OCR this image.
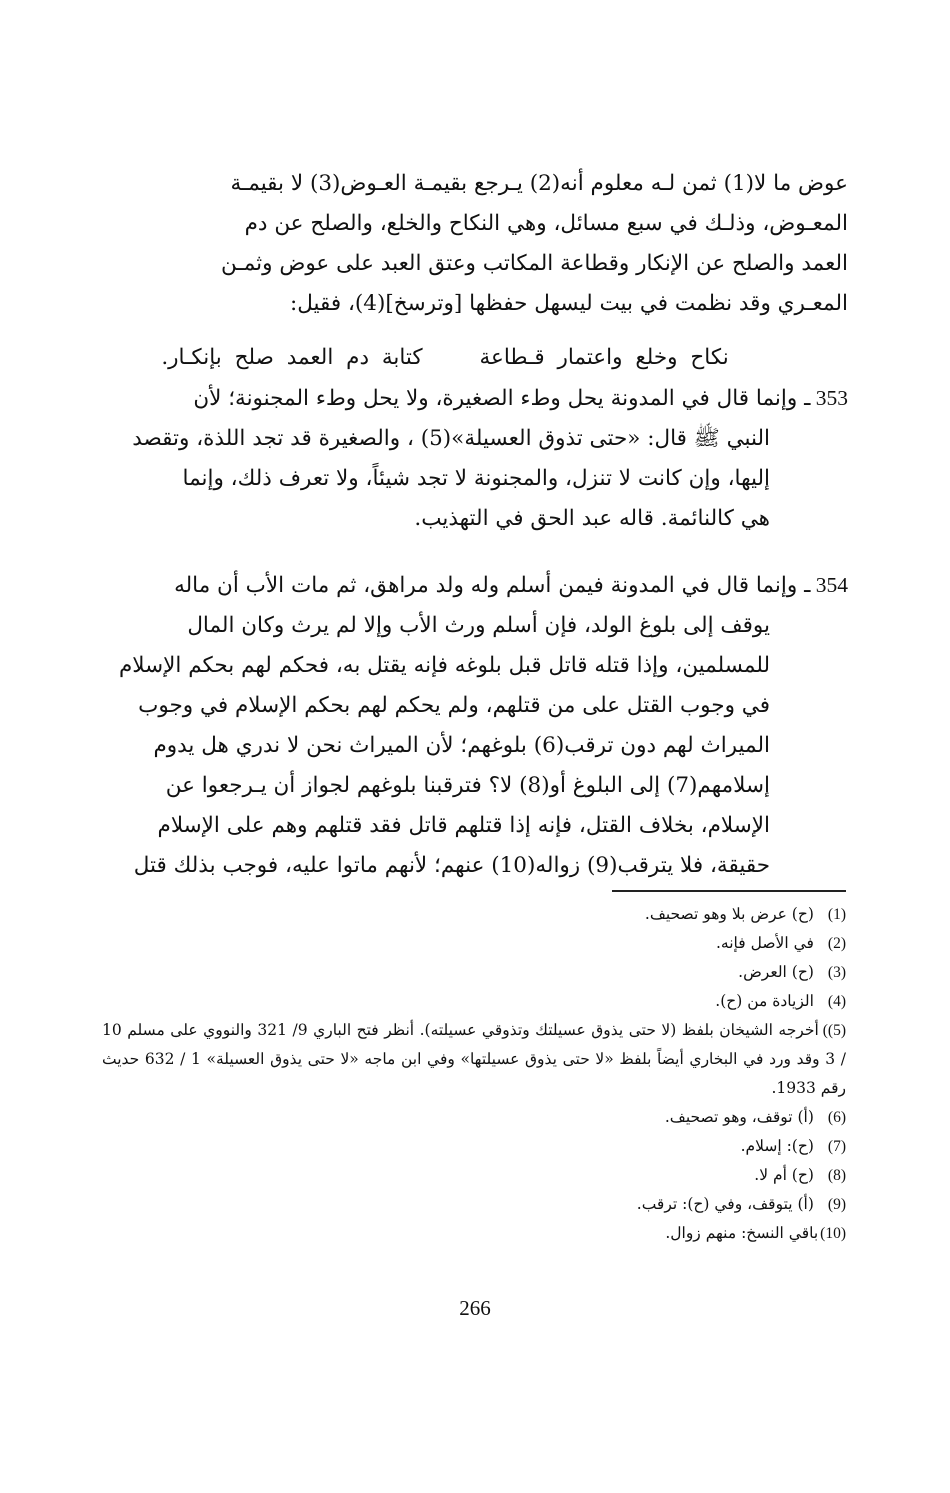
عوض ما لا(1) ثمن لـه معلوم أنه(2) يـرجع بقيمـة العـوض(3) لا بقيمـة
المعـوض، وذلـك في سبع مسائل، وهي النكاح والخلع، والصلح عن دم
العمد والصلح عن الإنكار وقطاعة المكاتب وعتق العبد على عوض وثمـن
المعـري وقد نظمت في بيت ليسهل حفظها [وترسخ](4)، فقيل:

نكاح وخلع واعتمار قـطاعة كتابة دم العمد صلح بإنكـار.
353 ـ وإنما قال في المدونة يحل وطء الصغيرة، ولا يحل وطء المجنونة؛ لأن
النبي ﷺ قال: «حتى تذوق العسيلة»(5) ، والصغيرة قد تجد اللذة، وتقصد
إليها، وإن كانت لا تنزل، والمجنونة لا تجد شيئاً، ولا تعرف ذلك، وإنما
هي كالنائمة. قاله عبد الحق في التهذيب.
354 ـ وإنما قال في المدونة فيمن أسلم وله ولد مراهق، ثم مات الأب أن ماله
يوقف إلى بلوغ الولد، فإن أسلم ورث الأب وإلا لم يرث وكان المال
للمسلمين، وإذا قتله قاتل قبل بلوغه فإنه يقتل به، فحكم لهم بحكم الإسلام
في وجوب القتل على من قتلهم، ولم يحكم لهم بحكم الإسلام في وجوب
الميراث لهم دون ترقب(6) بلوغهم؛ لأن الميراث نحن لا ندري هل يدوم
إسلامهم(7) إلى البلوغ أو(8) لا؟ فترقبنا بلوغهم لجواز أن يـرجعوا عن
الإسلام، بخلاف القتل، فإنه إذا قتلهم قاتل فقد قتلهم وهم على الإسلام
حقيقة، فلا يترقب(9) زواله(10) عنهم؛ لأنهم ماتوا عليه، فوجب بذلك قتل
(1)(ح) عرض بلا وهو تصحيف.
(2)في الأصل فإنه.
(3)(ح) العرض.
(4)الزيادة من (ح).
(5))أخرجه الشيخان بلفظ (لا حتى يذوق عسيلتك وتذوقي عسيلته). أنظر فتح الباري 9/ 321 والنووي على مسلم 10 / 3 وقد ورد في البخاري أيضاً بلفظ «لا حتى يذوق عسيلتها» وفي ابن ماجه «لا حتى يذوق العسيلة» 1 / 632 حديث رقم 1933.
(6)(أ) توقف، وهو تصحيف.
(7)(ح): إسلام.
(8)(ح) أم لا.
(9)(أ) يتوقف، وفي (ح): ترقب.
(10)باقي النسخ: منهم زوال.
266
